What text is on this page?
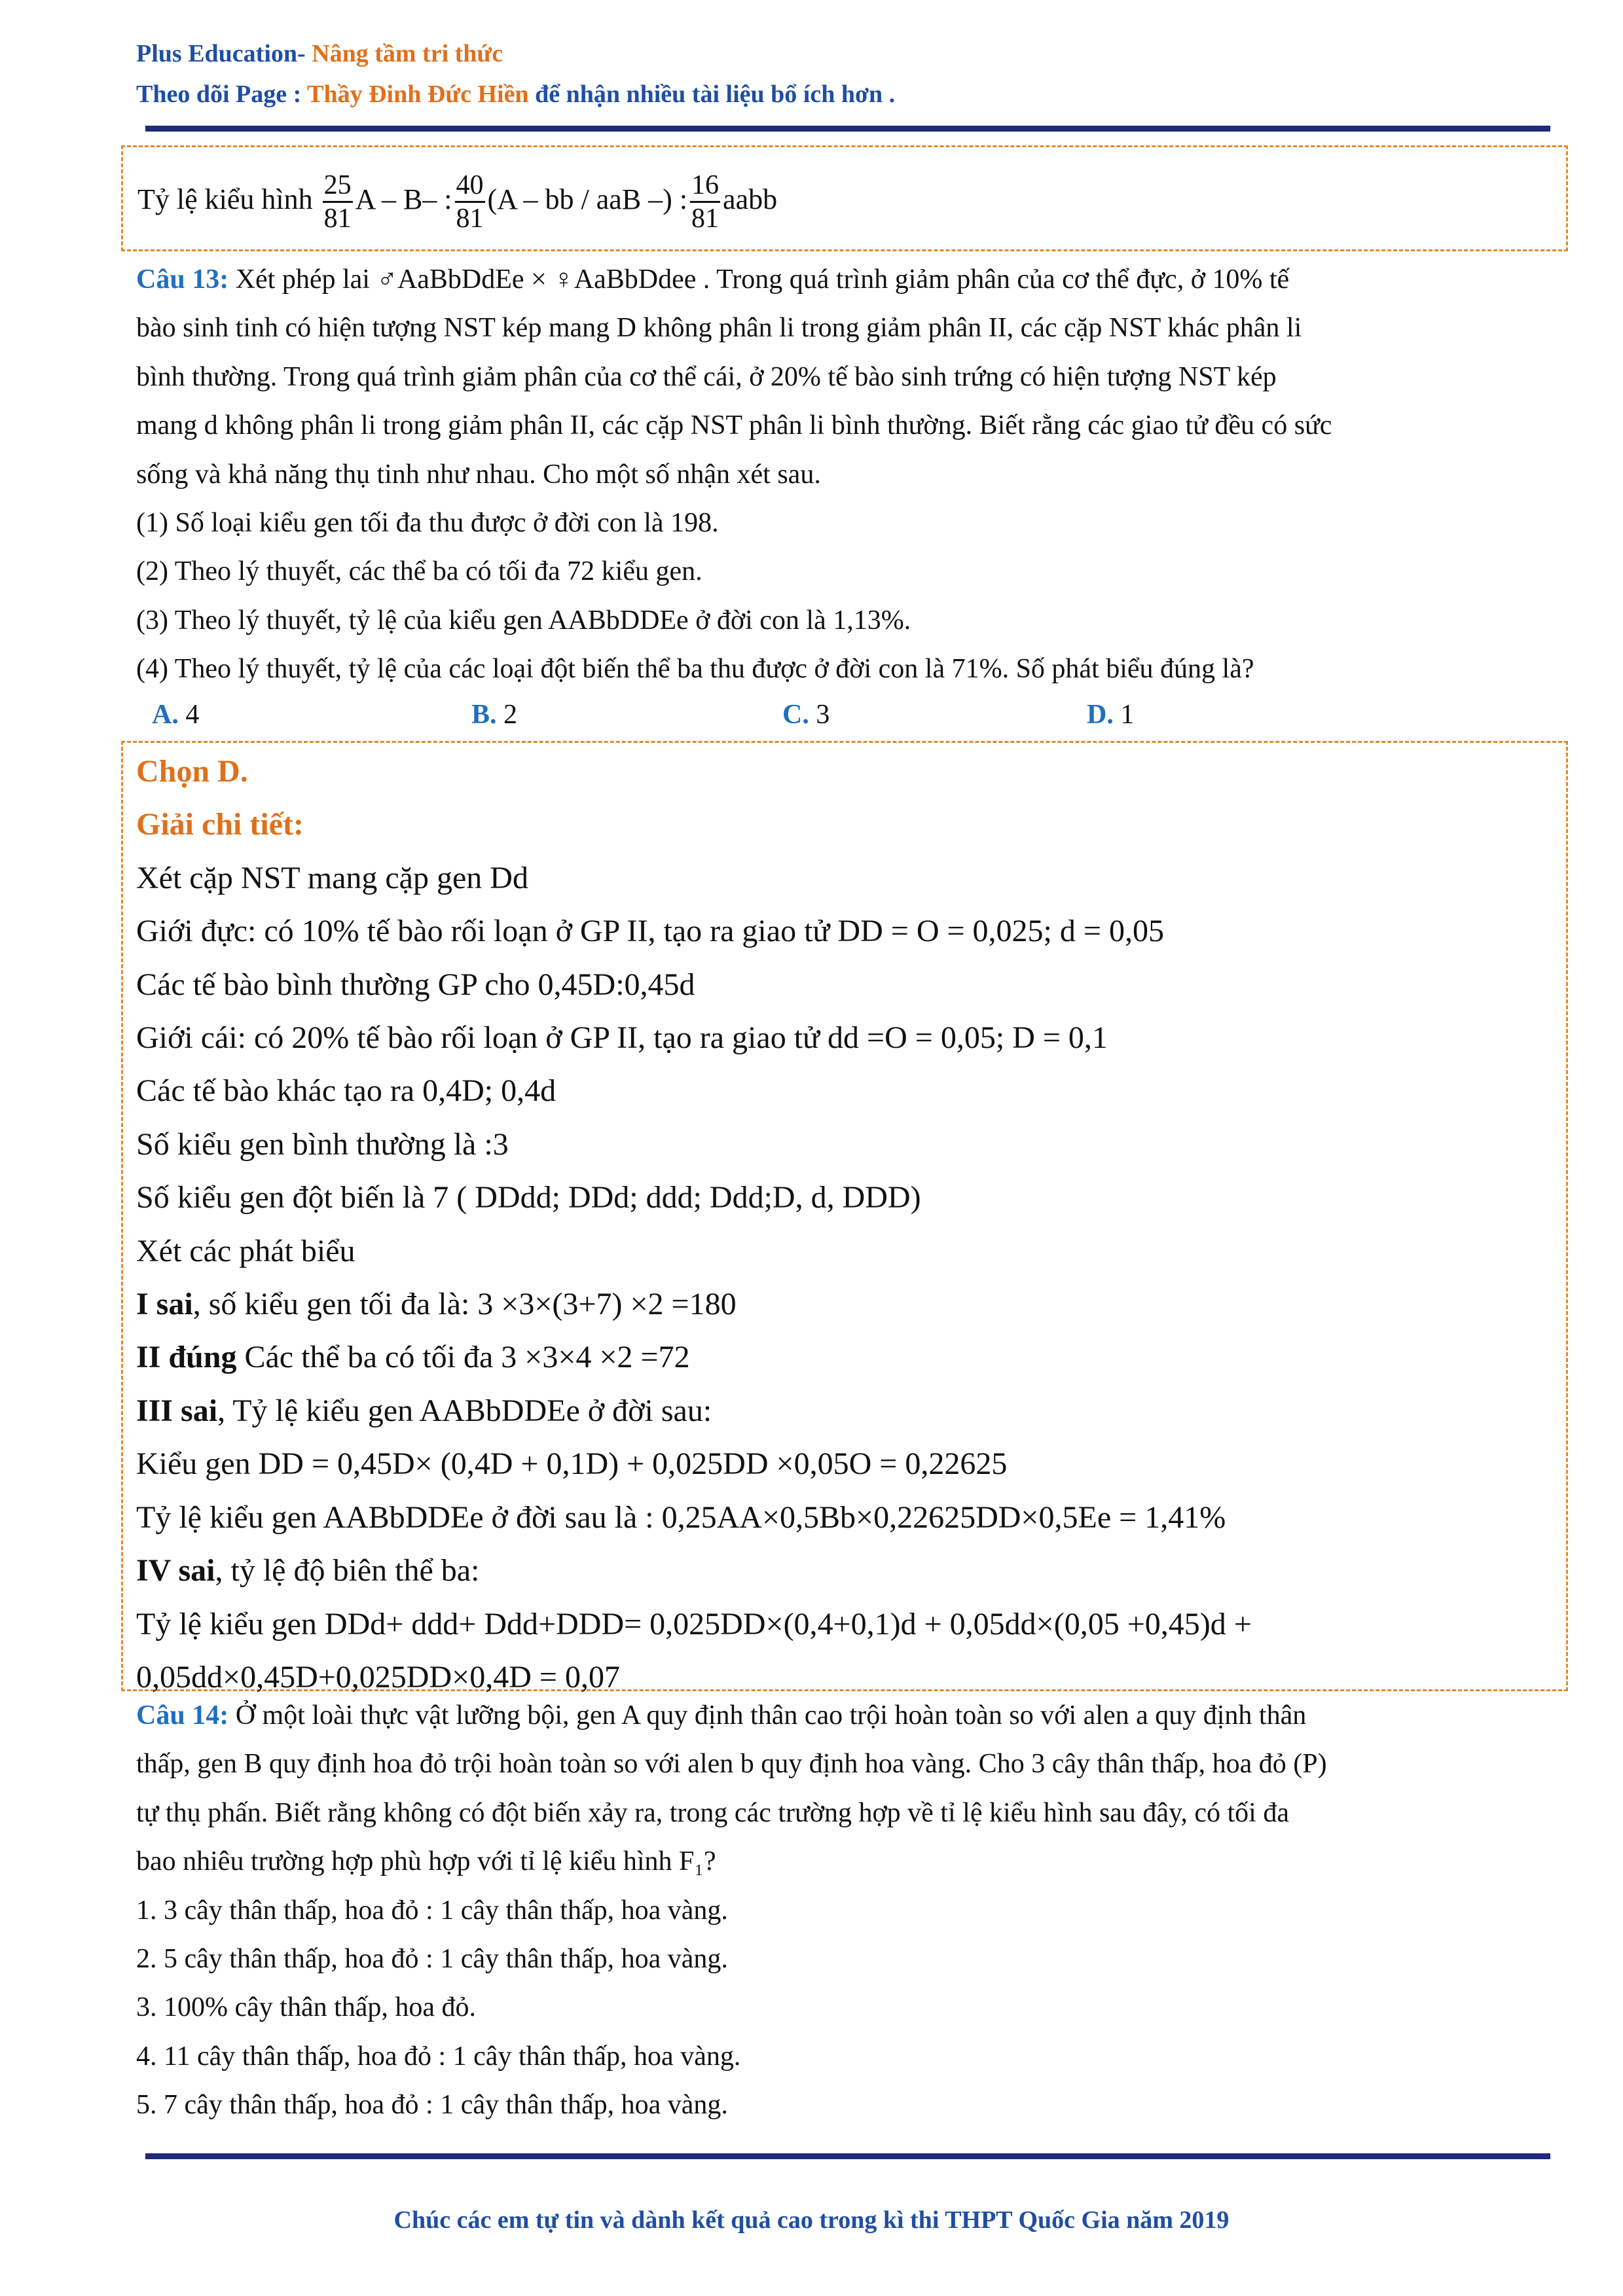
Plus Education- Nâng tầm tri thức
Theo dõi Page : Thầy Đinh Đức Hiền để nhận nhiều tài liệu bổ ích hơn .
Tỷ lệ kiểu hình $\frac{25}{81}$ A – B– : $\frac{40}{81} (A$ – bb / aaB –) : $\frac{16}{81}$ aabb
Câu 13: Xét phép lai ♂AaBbDdEe × ♀AaBbDdee . Trong quá trình giảm phân của cơ thể đực, ở 10% tế
bào sinh tinh có hiện tượng NST kép mang D không phân li trong giảm phân II, các cặp NST khác phân li
bình thường. Trong quá trình giảm phân của cơ thể cái, ở 20% tế bào sinh trứng có hiện tượng NST kép
mang d không phân li trong giảm phân II, các cặp NST phân li bình thường. Biết rằng các giao tử đều có sức
sống và khả năng thụ tinh như nhau. Cho một số nhận xét sau.
(1) Số loại kiểu gen tối đa thu được ở đời con là 198.
(2) Theo lý thuyết, các thể ba có tối đa 72 kiểu gen.
(3) Theo lý thuyết, tỷ lệ của kiểu gen AABbDDEe ở đời con là 1,13%.
(4) Theo lý thuyết, tỷ lệ của các loại đột biến thể ba thu được ở đời con là 71%. Số phát biểu đúng là?
A. 4	B. 2	C. 3	D. 1
Chọn D.
Giải chi tiết:
Xét cặp NST mang cặp gen Dd
Giới đực: có 10% tế bào rối loạn ở GP II, tạo ra giao tử DD = O = 0,025; d = 0,05
Các tế bào bình thường GP cho 0,45D:0,45d
Giới cái: có 20% tế bào rối loạn ở GP II, tạo ra giao tử dd =O = 0,05; D = 0,1
Các tế bào khác tạo ra 0,4D; 0,4d
Số kiểu gen bình thường là :3
Số kiểu gen đột biến là 7 ( DDdd; DDd; ddd; Ddd;D, d, DDD)
Xét các phát biểu
I sai, số kiểu gen tối đa là: 3 ×3×(3+7) ×2 =180
II đúng Các thể ba có tối đa 3 ×3×4 ×2 =72
III sai, Tỷ lệ kiểu gen AABbDDEe ở đời sau:
Kiểu gen DD = 0,45D× (0,4D + 0,1D) + 0,025DD ×0,05O = 0,22625
Tỷ lệ kiểu gen AABbDDEe ở đời sau là : 0,25AA×0,5Bb×0,22625DD×0,5Ee = 1,41%
IV sai, tỷ lệ độ biên thể ba:
Tỷ lệ kiểu gen DDd+ ddd+ Ddd+DDD= 0,025DD×(0,4+0,1)d + 0,05dd×(0,05 +0,45)d +
0,05dd×0,45D+0,025DD×0,4D = 0,07
Câu 14: Ở một loài thực vật lưỡng bội, gen A quy định thân cao trội hoàn toàn so với alen a quy định thân
thấp, gen B quy định hoa đỏ trội hoàn toàn so với alen b quy định hoa vàng. Cho 3 cây thân thấp, hoa đỏ (P)
tự thụ phấn. Biết rằng không có đột biến xảy ra, trong các trường hợp về tỉ lệ kiểu hình sau đây, có tối đa
bao nhiêu trường hợp phù hợp với tỉ lệ kiểu hình F₁?
1. 3 cây thân thấp, hoa đỏ : 1 cây thân thấp, hoa vàng.
2. 5 cây thân thấp, hoa đỏ : 1 cây thân thấp, hoa vàng.
3. 100% cây thân thấp, hoa đỏ.
4. 11 cây thân thấp, hoa đỏ : 1 cây thân thấp, hoa vàng.
5. 7 cây thân thấp, hoa đỏ : 1 cây thân thấp, hoa vàng.
Chúc các em tự tin và dành kết quả cao trong kì thi THPT Quốc Gia năm 2019
